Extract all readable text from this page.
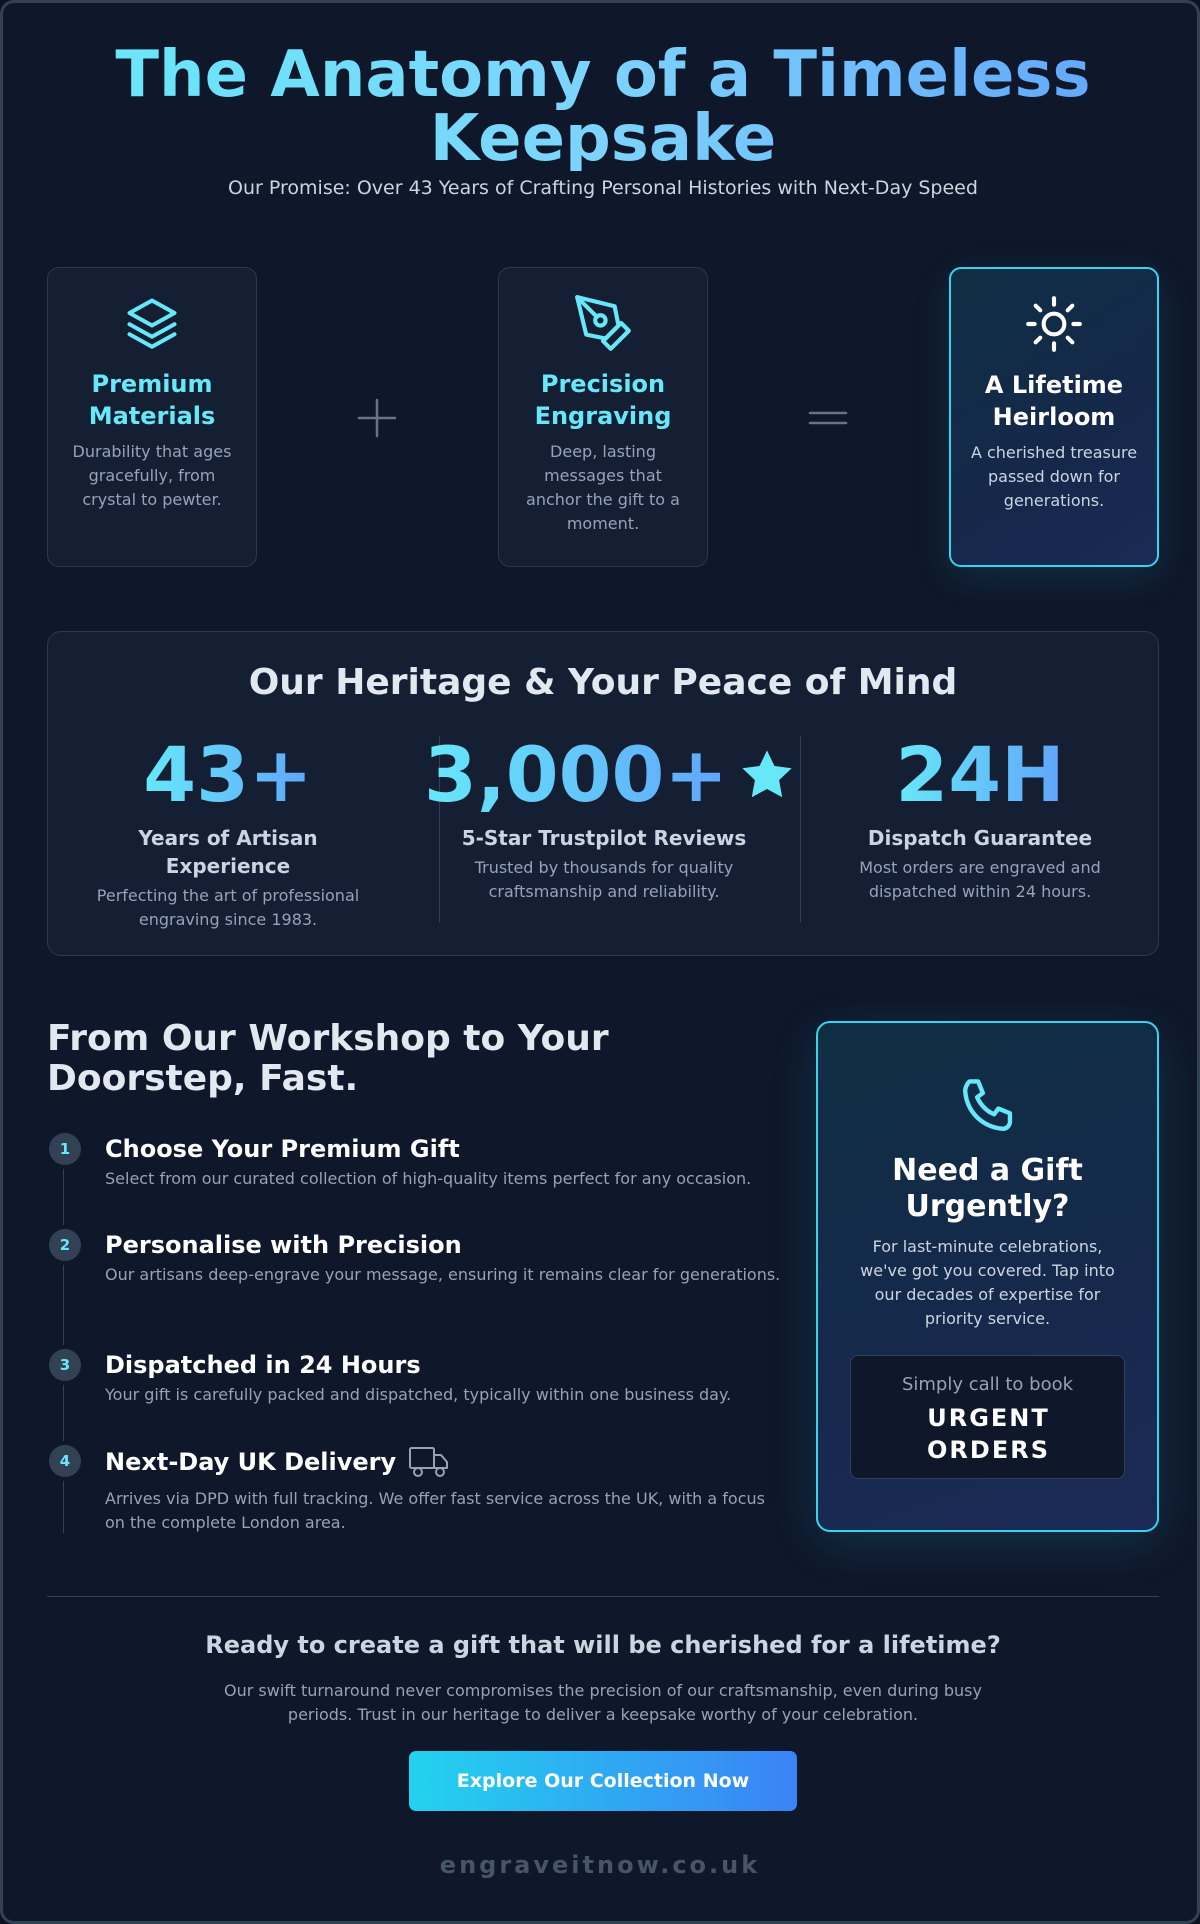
The Anatomy of a Timeless Keepsake
Our Promise: Over 43 Years of Crafting Personal Histories with Next-Day Speed
Premium Materials

Durability that ages gracefully, from crystal to pewter.

Precision Engraving

Deep, lasting messages that anchor the gift to a moment.

A Lifetime Heirloom

A cherished treasure passed down for generations.

Our Heritage & Your Peace of Mind
43+
Years of Artisan Experience
Perfecting the art of professional engraving since 1983.
3,000+
5-Star Trustpilot Reviews
Trusted by thousands for quality craftsmanship and reliability.
24H
Dispatch Guarantee
Most orders are engraved and dispatched within 24 hours.
From Our Workshop to Your Doorstep, Fast.
1	Choose Your Premium Gift

Select from our curated collection of high-quality items perfect for any occasion.

2	Personalise with Precision

Our artisans deep-engrave your message, ensuring it remains clear for generations.

3	Dispatched in 24 Hours

Your gift is carefully packed and dispatched, typically within one business day.

4	Next-Day UK Delivery

Arrives via DPD with full tracking. We offer fast service across the UK, with a focus on the complete London area.

Need a Gift Urgently?

For last-minute celebrations, we've got you covered. Tap into our decades of expertise for priority service.

Simply call to book
URGENT ORDERS
Ready to create a gift that will be cherished for a lifetime?
Our swift turnaround never compromises the precision of our craftsmanship, even during busy periods. Trust in our heritage to deliver a keepsake worthy of your celebration.
Explore Our Collection Now
engraveitnow.co.uk
